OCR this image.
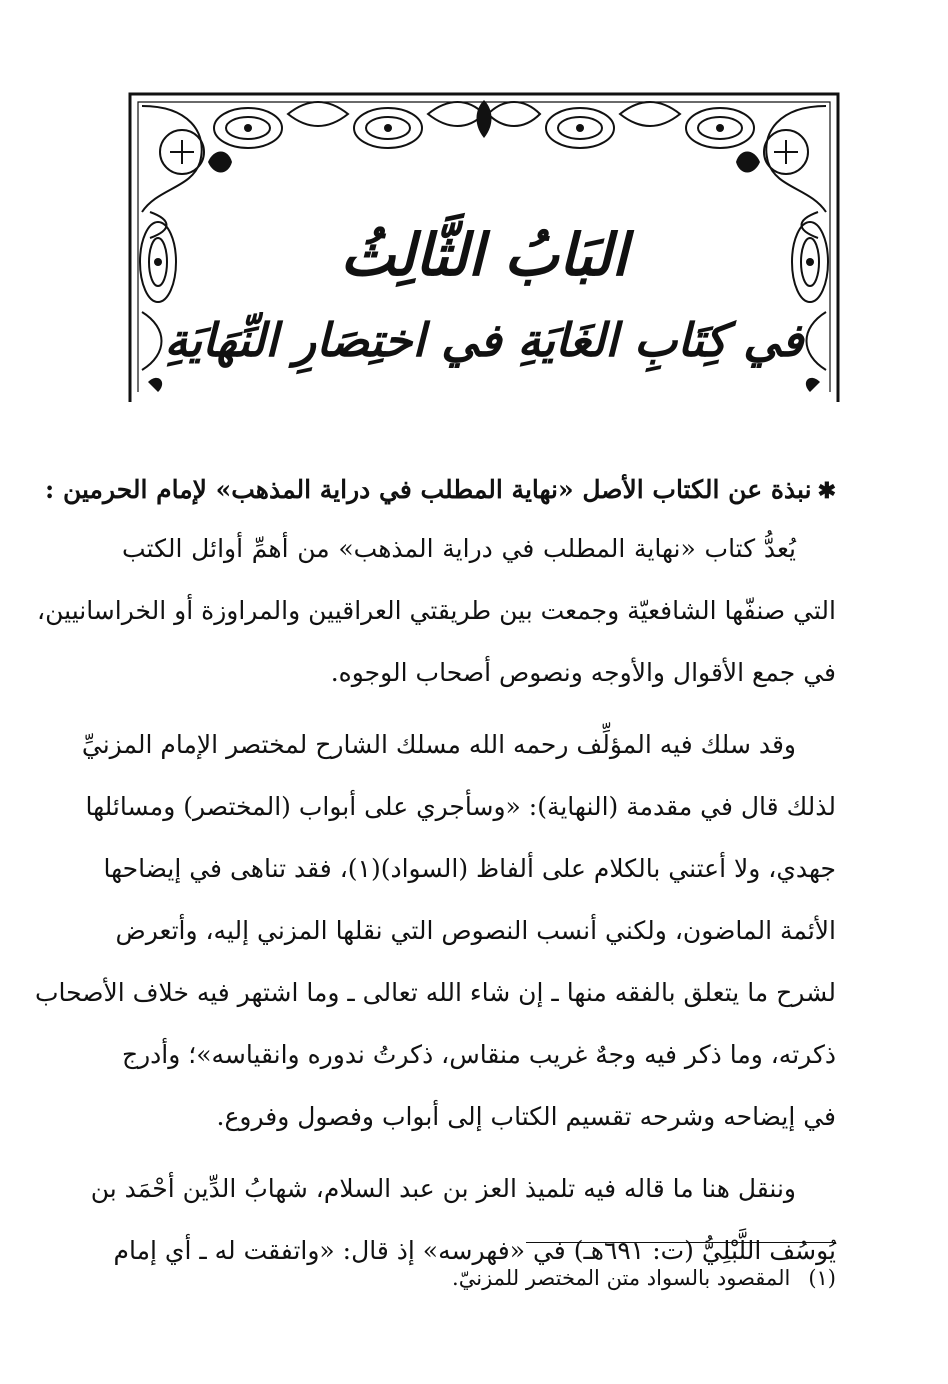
البَابُ الثَّالِثُ
في كِتَابِ الغَايَةِ في اختِصَارِ النِّهَايَةِ
✱نبذة عن الكتاب الأصل «نهاية المطلب في دراية المذهب» لإمام الحرمين :
يُعدُّ كتاب «نهاية المطلب في دراية المذهب» من أهمِّ أوائل الكتب
التي صنفّها الشافعيّة وجمعت بين طريقتي العراقيين والمراوزة أو الخراسانيين،
في جمع الأقوال والأوجه ونصوص أصحاب الوجوه.
وقد سلك فيه المؤلِّف رحمه الله مسلك الشارح لمختصر الإمام المزنيِّ
لذلك قال في مقدمة (النهاية): «وسأجري على أبواب (المختصر) ومسائلها
جهدي، ولا أعتني بالكلام على ألفاظ (السواد)(١)، فقد تناهى في إيضاحها
الأئمة الماضون، ولكني أنسب النصوص التي نقلها المزني إليه، وأتعرض
لشرح ما يتعلق بالفقه منها ـ إن شاء الله تعالى ـ وما اشتهر فيه خلاف الأصحاب
ذكرته، وما ذكر فيه وجهٌ غريب منقاس، ذكرتُ ندوره وانقياسه»؛ وأدرج
في إيضاحه وشرحه تقسيم الكتاب إلى أبواب وفصول وفروع.
وننقل هنا ما قاله فيه تلميذ العز بن عبد السلام، شهابُ الدِّين أحْمَد بن
يُوسُف اللَّبْلِيُّ (ت: ٦٩١هـ) في «فهرسه» إذ قال: «واتفقت له ـ أي إمام
(١)المقصود بالسواد متن المختصر للمزنيّ.
